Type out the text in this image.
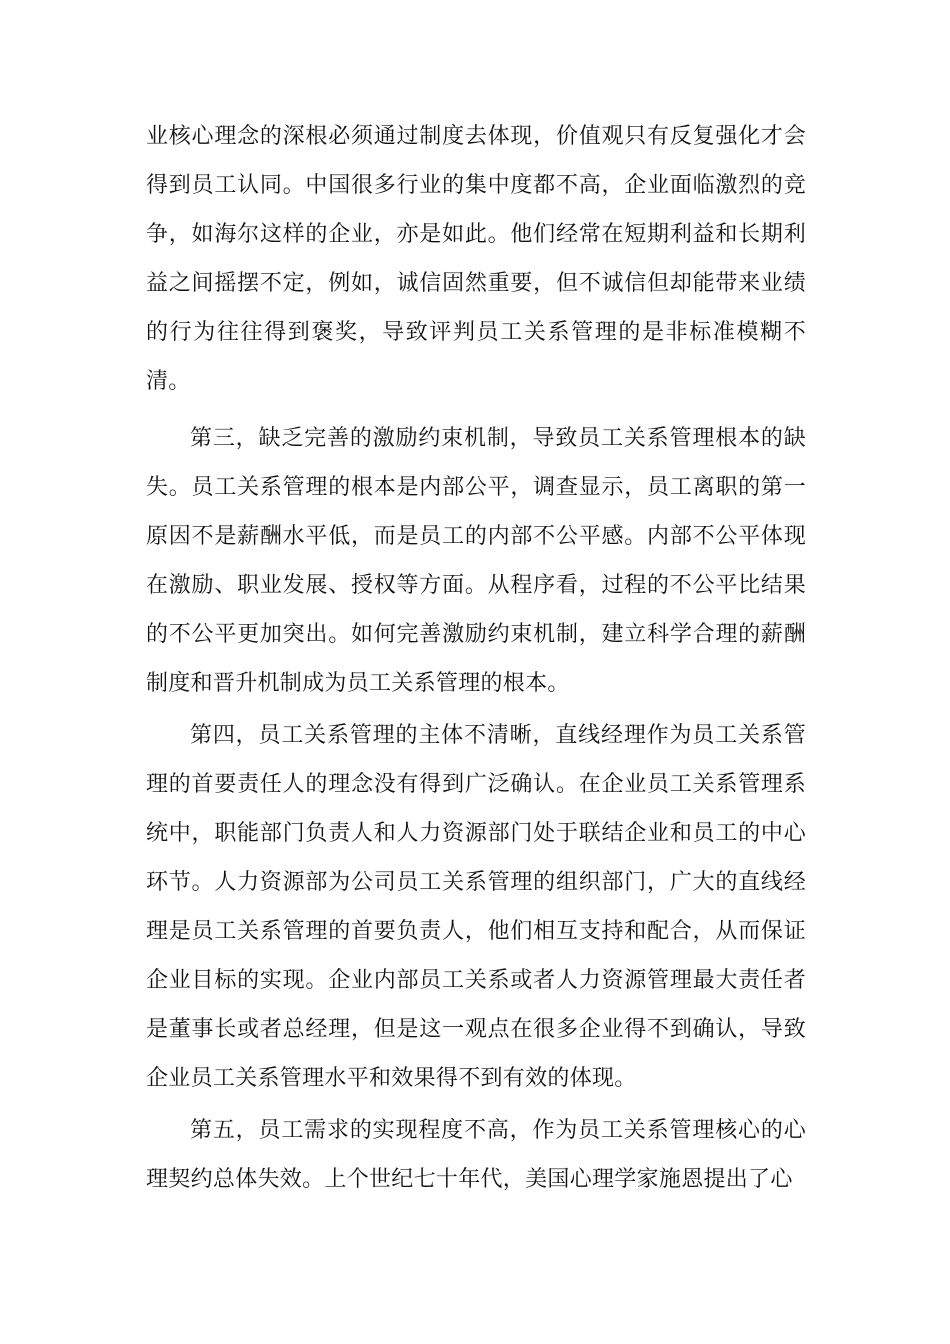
业核心理念的深根必须通过制度去体现，价值观只有反复强化才会得到员工认同。中国很多行业的集中度都不高，企业面临激烈的竞争，如海尔这样的企业，亦是如此。他们经常在短期利益和长期利益之间摇摆不定，例如，诚信固然重要，但不诚信但却能带来业绩的行为往往得到褒奖，导致评判员工关系管理的是非标准模糊不清。

第三，缺乏完善的激励约束机制，导致员工关系管理根本的缺失。员工关系管理的根本是内部公平，调查显示，员工离职的第一原因不是薪酬水平低，而是员工的内部不公平感。内部不公平体现在激励、职业发展、授权等方面。从程序看，过程的不公平比结果的不公平更加突出。如何完善激励约束机制，建立科学合理的薪酬制度和晋升机制成为员工关系管理的根本。

第四，员工关系管理的主体不清晰，直线经理作为员工关系管理的首要责任人的理念没有得到广泛确认。在企业员工关系管理系统中，职能部门负责人和人力资源部门处于联结企业和员工的中心环节。人力资源部为公司员工关系管理的组织部门，广大的直线经理是员工关系管理的首要负责人，他们相互支持和配合，从而保证企业目标的实现。企业内部员工关系或者人力资源管理最大责任者是董事长或者总经理，但是这一观点在很多企业得不到确认，导致企业员工关系管理水平和效果得不到有效的体现。

第五，员工需求的实现程度不高，作为员工关系管理核心的心理契约总体失效。上个世纪七十年代，美国心理学家施恩提出了心
